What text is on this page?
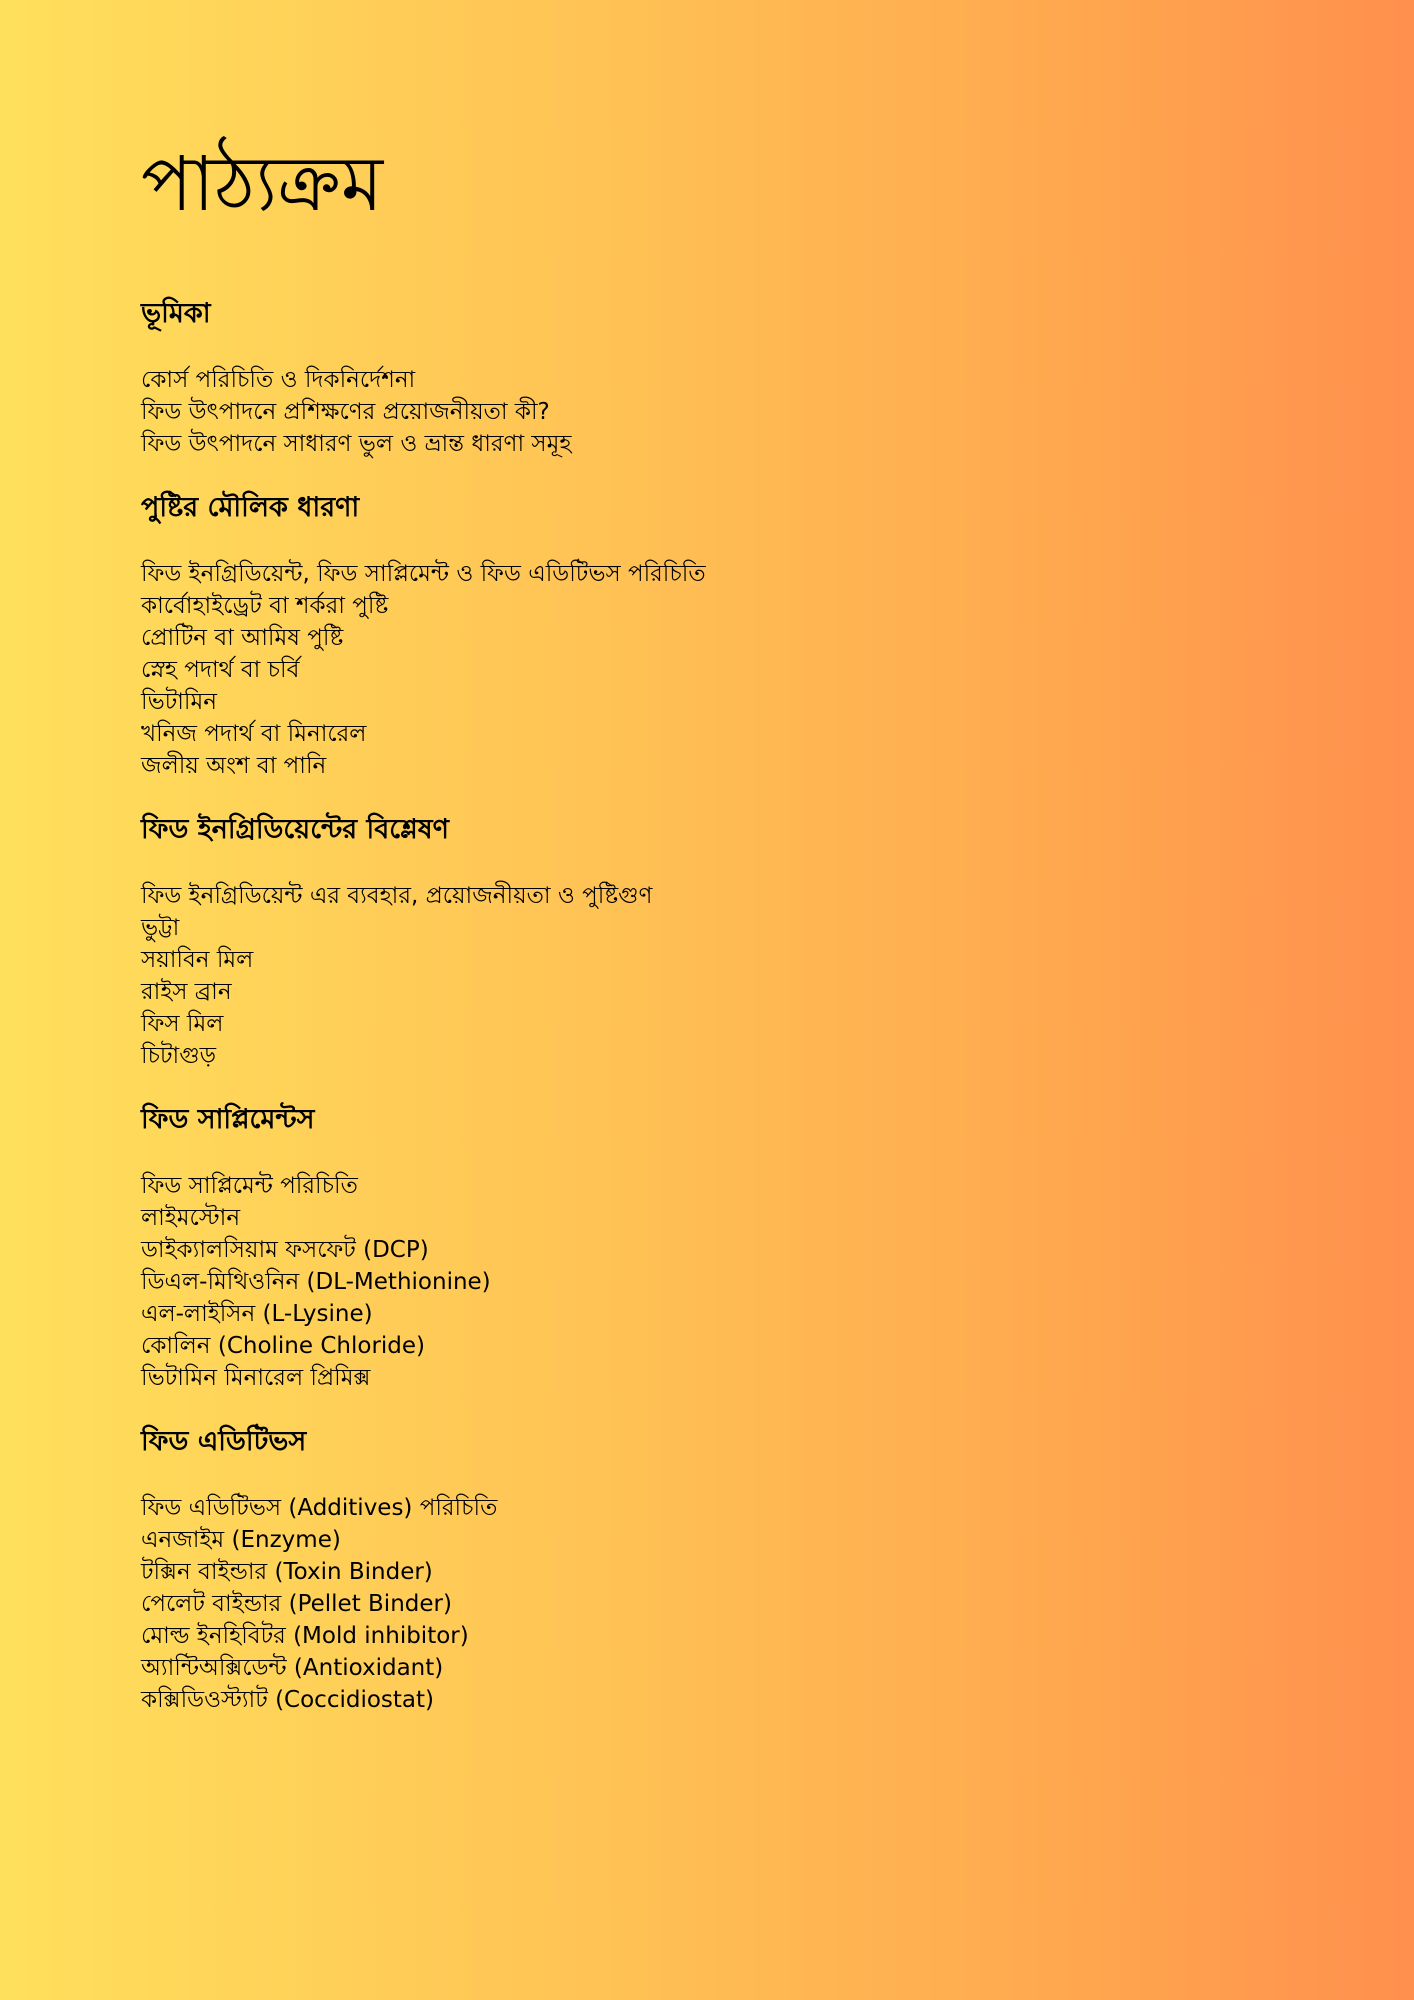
পাঠ্যক্রম
ভূমিকা
কোর্স পরিচিতি ও দিকনির্দেশনা
ফিড উৎপাদনে প্রশিক্ষণের প্রয়োজনীয়তা কী?
ফিড উৎপাদনে সাধারণ ভুল ও ভ্রান্ত ধারণা সমূহ
পুষ্টির মৌলিক ধারণা
ফিড ইনগ্রিডিয়েন্ট, ফিড সাপ্লিমেন্ট ও ফিড এডিটিভস পরিচিতি
কার্বোহাইড্রেট বা শর্করা পুষ্টি
প্রোটিন বা আমিষ পুষ্টি
স্নেহ পদার্থ বা চর্বি
ভিটামিন
খনিজ পদার্থ বা মিনারেল
জলীয় অংশ বা পানি
ফিড ইনগ্রিডিয়েন্টের বিশ্লেষণ
ফিড ইনগ্রিডিয়েন্ট এর ব্যবহার, প্রয়োজনীয়তা ও পুষ্টিগুণ
ভুট্টা
সয়াবিন মিল
রাইস ব্রান
ফিস মিল
চিটাগুড়
ফিড সাপ্লিমেন্টস
ফিড সাপ্লিমেন্ট পরিচিতি
লাইমস্টোন
ডাইক্যালসিয়াম ফসফেট (DCP)
ডিএল-মিথিওনিন (DL-Methionine)
এল-লাইসিন (L-Lysine)
কোলিন (Choline Chloride)
ভিটামিন মিনারেল প্রিমিক্স
ফিড এডিটিভস
ফিড এডিটিভস (Additives) পরিচিতি
এনজাইম (Enzyme)
টক্সিন বাইন্ডার (Toxin Binder)
পেলেট বাইন্ডার (Pellet Binder)
মোল্ড ইনহিবিটর (Mold inhibitor)
অ্যান্টিঅক্সিডেন্ট (Antioxidant)
কক্সিডিওস্ট্যাট (Coccidiostat)
